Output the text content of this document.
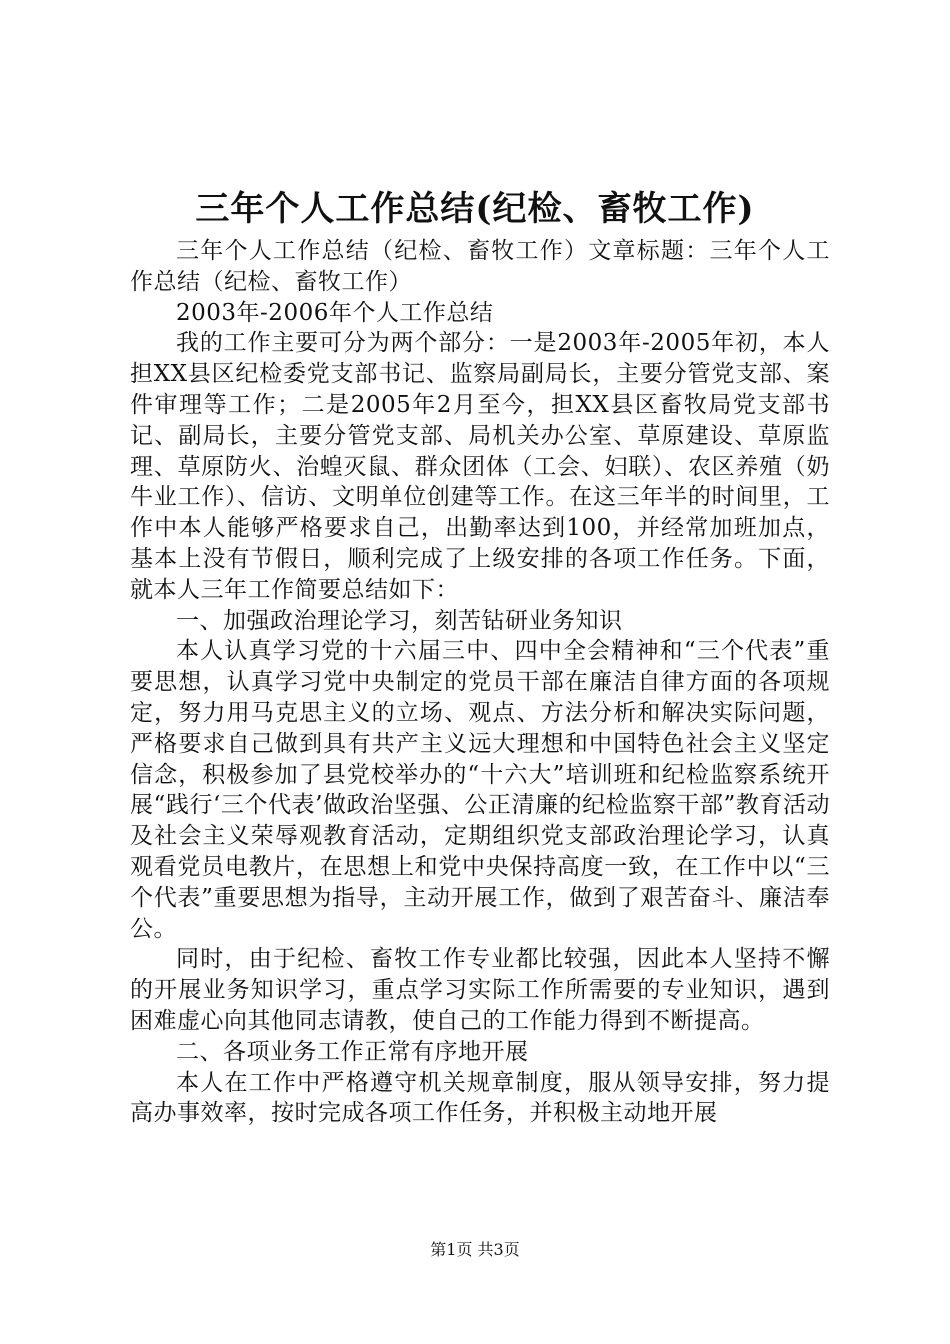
三年个人工作总结(纪检、畜牧工作)

三年个人工作总结（纪检、畜牧工作）文章标题：三年个人工作总结（纪检、畜牧工作）

2003年-2006年个人工作总结

我的工作主要可分为两个部分：一是2003年-2005年初，本人担XX县区纪检委党支部书记、监察局副局长，主要分管党支部、案件审理等工作；二是2005年2月至今，担XX县区畜牧局党支部书记、副局长，主要分管党支部、局机关办公室、草原建设、草原监理、草原防火、治蝗灭鼠、群众团体（工会、妇联）、农区养殖（奶牛业工作）、信访、文明单位创建等工作。在这三年半的时间里，工作中本人能够严格要求自己，出勤率达到100，并经常加班加点，基本上没有节假日，顺利完成了上级安排的各项工作任务。下面，就本人三年工作简要总结如下：

一、加强政治理论学习，刻苦钻研业务知识

本人认真学习党的十六届三中、四中全会精神和“三个代表”重要思想，认真学习党中央制定的党员干部在廉洁自律方面的各项规定，努力用马克思主义的立场、观点、方法分析和解决实际问题，严格要求自己做到具有共产主义远大理想和中国特色社会主义坚定信念，积极参加了县党校举办的“十六大”培训班和纪检监察系统开展“践行‘三个代表’做政治坚强、公正清廉的纪检监察干部”教育活动及社会主义荣辱观教育活动，定期组织党支部政治理论学习，认真观看党员电教片，在思想上和党中央保持高度一致，在工作中以“三个代表”重要思想为指导，主动开展工作，做到了艰苦奋斗、廉洁奉公。

同时，由于纪检、畜牧工作专业都比较强，因此本人坚持不懈的开展业务知识学习，重点学习实际工作所需要的专业知识，遇到困难虚心向其他同志请教，使自己的工作能力得到不断提高。

二、各项业务工作正常有序地开展

本人在工作中严格遵守机关规章制度，服从领导安排，努力提高办事效率，按时完成各项工作任务，并积极主动地开展

第1页 共3页
